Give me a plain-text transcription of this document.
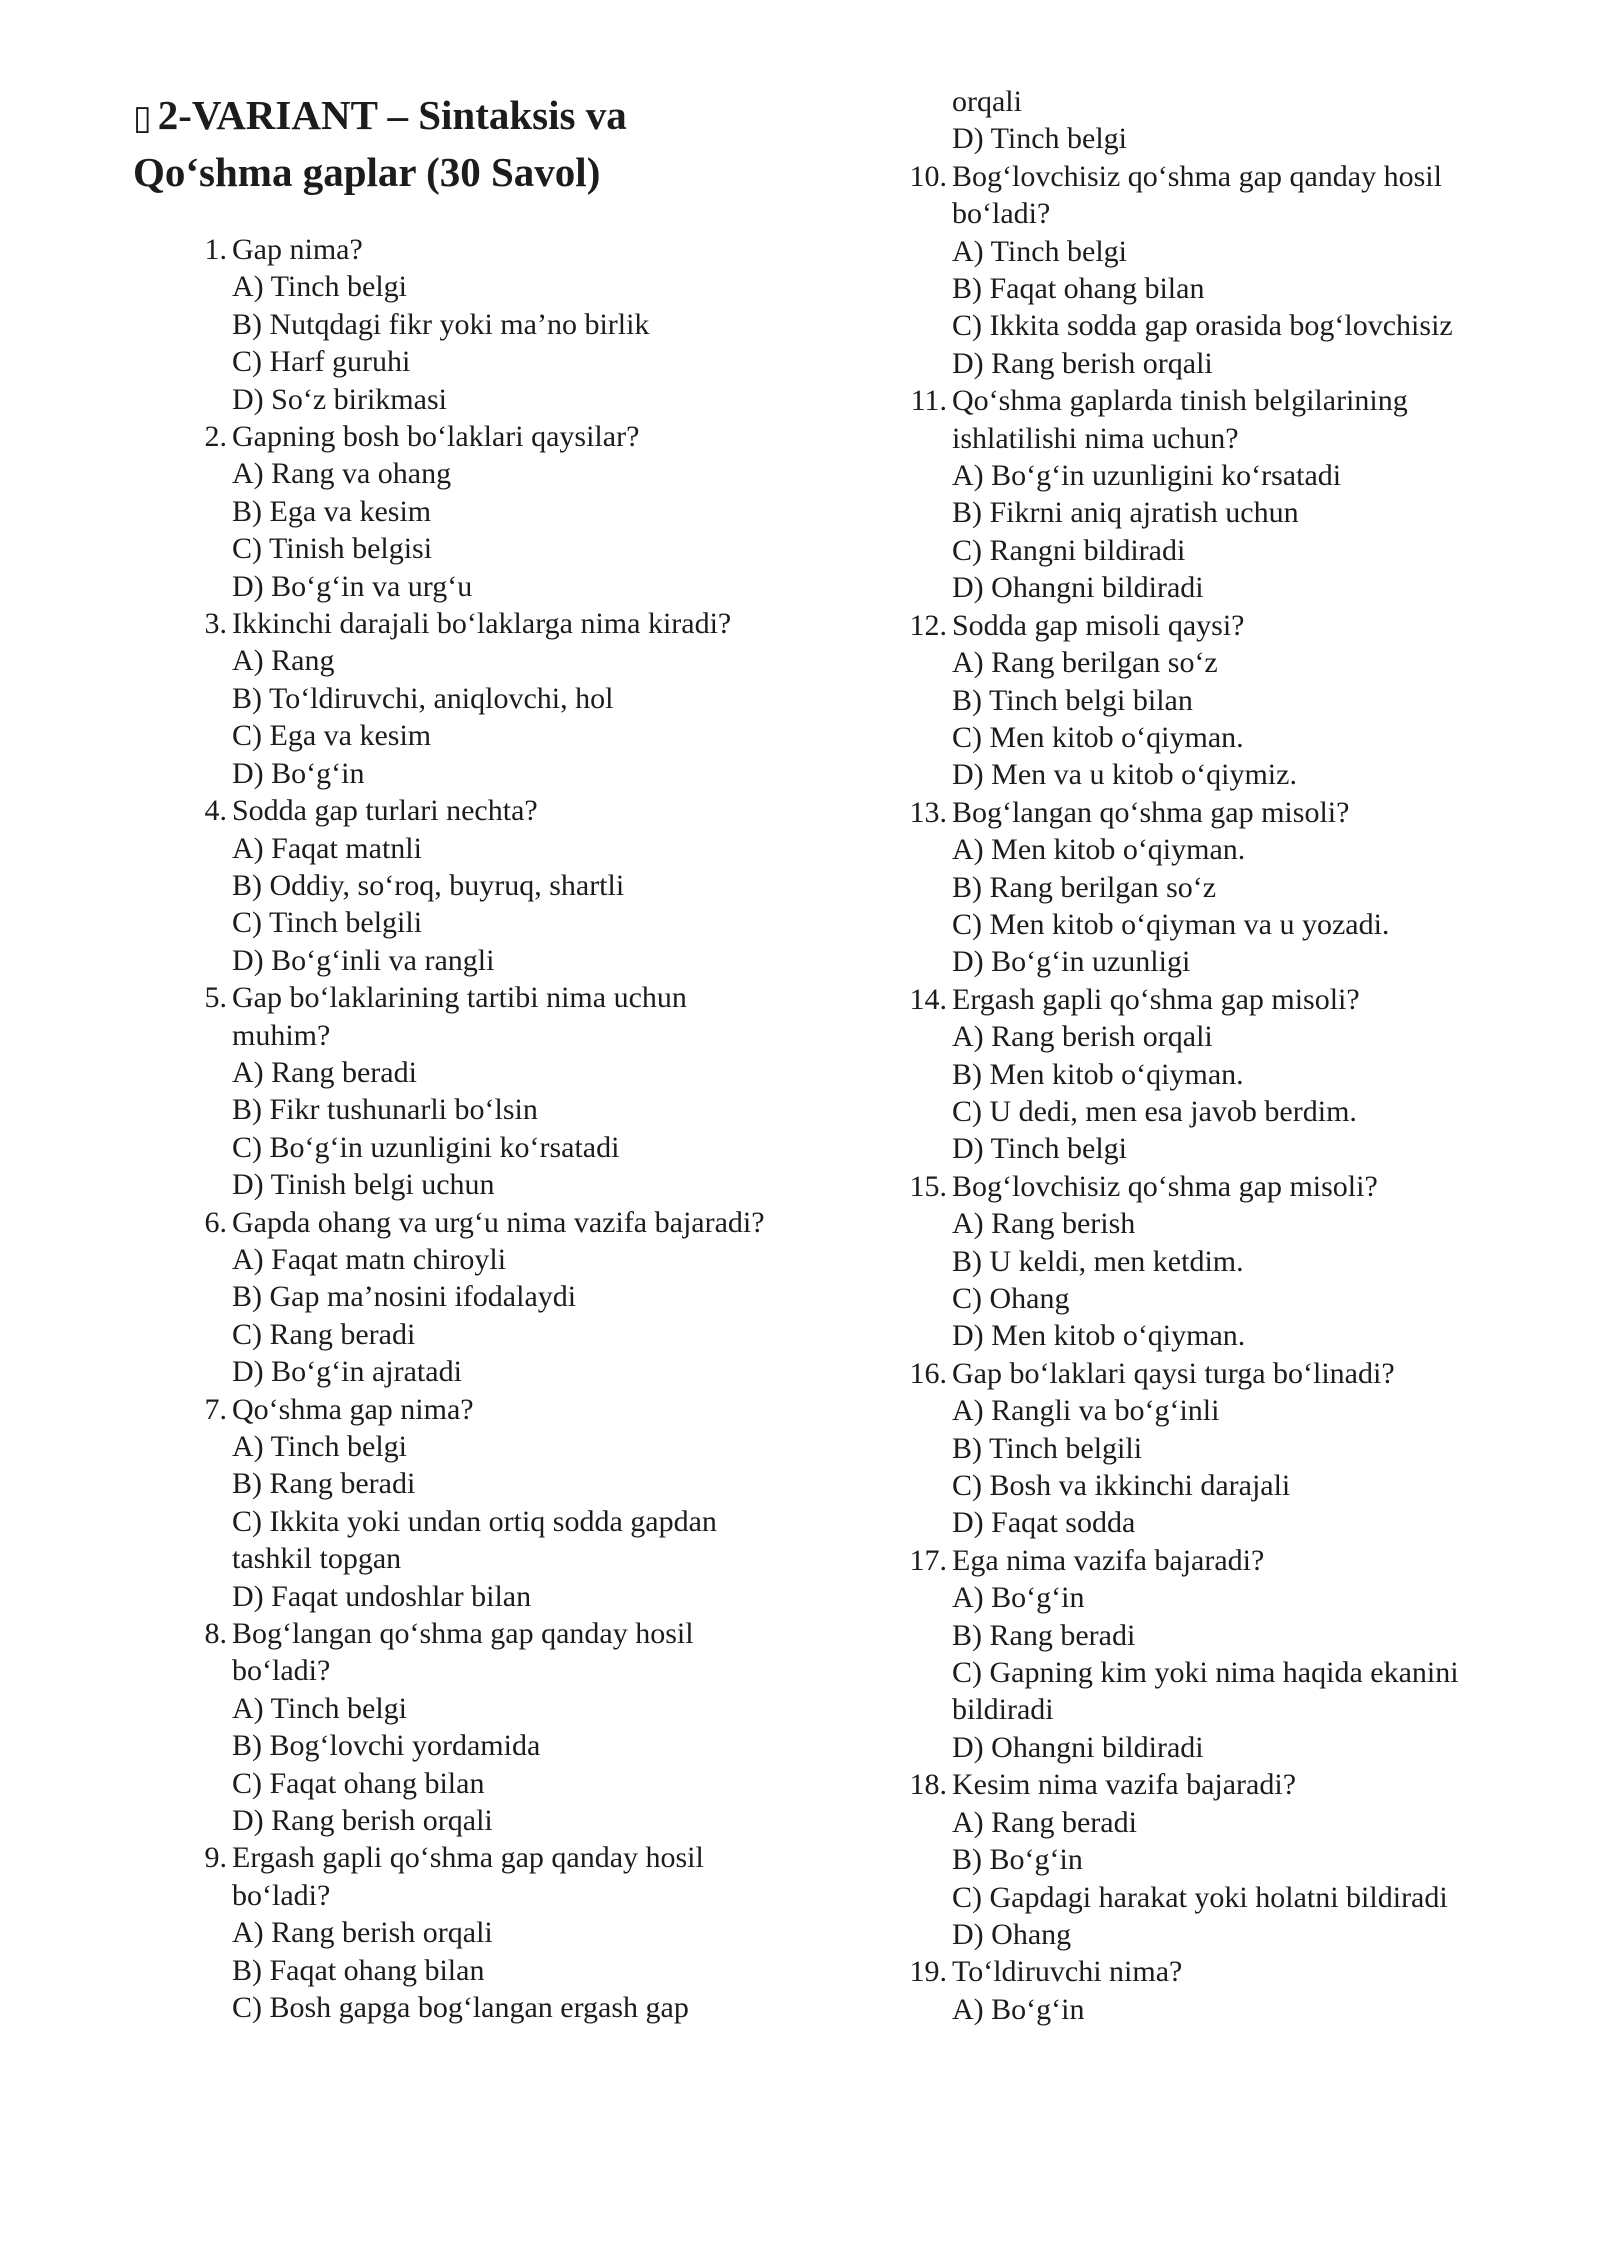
▯ 2-VARIANT – Sintaksis va Qo‘shma gaplar (30 Savol)
1. Gap nima?
A) Tinch belgi
B) Nutqdagi fikr yoki ma’no birlik
C) Harf guruhi
D) So‘z birikmasi
2. Gapning bosh bo‘laklari qaysilar?
A) Rang va ohang
B) Ega va kesim
C) Tinish belgisi
D) Bo‘g‘in va urg‘u
3. Ikkinchi darajali bo‘laklarga nima kiradi?
A) Rang
B) To‘ldiruvchi, aniqlovchi, hol
C) Ega va kesim
D) Bo‘g‘in
4. Sodda gap turlari nechta?
A) Faqat matnli
B) Oddiy, so‘roq, buyruq, shartli
C) Tinch belgili
D) Bo‘g‘inli va rangli
5. Gap bo‘laklarining tartibi nima uchun muhim?
A) Rang beradi
B) Fikr tushunarli bo‘lsin
C) Bo‘g‘in uzunligini ko‘rsatadi
D) Tinish belgi uchun
6. Gapda ohang va urg‘u nima vazifa bajaradi?
A) Faqat matn chiroyli
B) Gap ma’nosini ifodalaydi
C) Rang beradi
D) Bo‘g‘in ajratadi
7. Qo‘shma gap nima?
A) Tinch belgi
B) Rang beradi
C) Ikkita yoki undan ortiq sodda gapdan tashkil topgan
D) Faqat undoshlar bilan
8. Bog‘langan qo‘shma gap qanday hosil bo‘ladi?
A) Tinch belgi
B) Bog‘lovchi yordamida
C) Faqat ohang bilan
D) Rang berish orqali
9. Ergash gapli qo‘shma gap qanday hosil bo‘ladi?
A) Rang berish orqali
B) Faqat ohang bilan
C) Bosh gapga bog‘langan ergash gap
orqali
D) Tinch belgi
10. Bog‘lovchisiz qo‘shma gap qanday hosil bo‘ladi?
A) Tinch belgi
B) Faqat ohang bilan
C) Ikkita sodda gap orasida bog‘lovchisiz
D) Rang berish orqali
11. Qo‘shma gaplarda tinish belgilarining ishlatilishi nima uchun?
A) Bo‘g‘in uzunligini ko‘rsatadi
B) Fikrni aniq ajratish uchun
C) Rangni bildiradi
D) Ohangni bildiradi
12. Sodda gap misoli qaysi?
A) Rang berilgan so‘z
B) Tinch belgi bilan
C) Men kitob o‘qiyman.
D) Men va u kitob o‘qiymiz.
13. Bog‘langan qo‘shma gap misoli?
A) Men kitob o‘qiyman.
B) Rang berilgan so‘z
C) Men kitob o‘qiyman va u yozadi.
D) Bo‘g‘in uzunligi
14. Ergash gapli qo‘shma gap misoli?
A) Rang berish orqali
B) Men kitob o‘qiyman.
C) U dedi, men esa javob berdim.
D) Tinch belgi
15. Bog‘lovchisiz qo‘shma gap misoli?
A) Rang berish
B) U keldi, men ketdim.
C) Ohang
D) Men kitob o‘qiyman.
16. Gap bo‘laklari qaysi turga bo‘linadi?
A) Rangli va bo‘g‘inli
B) Tinch belgili
C) Bosh va ikkinchi darajali
D) Faqat sodda
17. Ega nima vazifa bajaradi?
A) Bo‘g‘in
B) Rang beradi
C) Gapning kim yoki nima haqida ekanini bildiradi
D) Ohangni bildiradi
18. Kesim nima vazifa bajaradi?
A) Rang beradi
B) Bo‘g‘in
C) Gapdagi harakat yoki holatni bildiradi
D) Ohang
19. To‘ldiruvchi nima?
A) Bo‘g‘in
